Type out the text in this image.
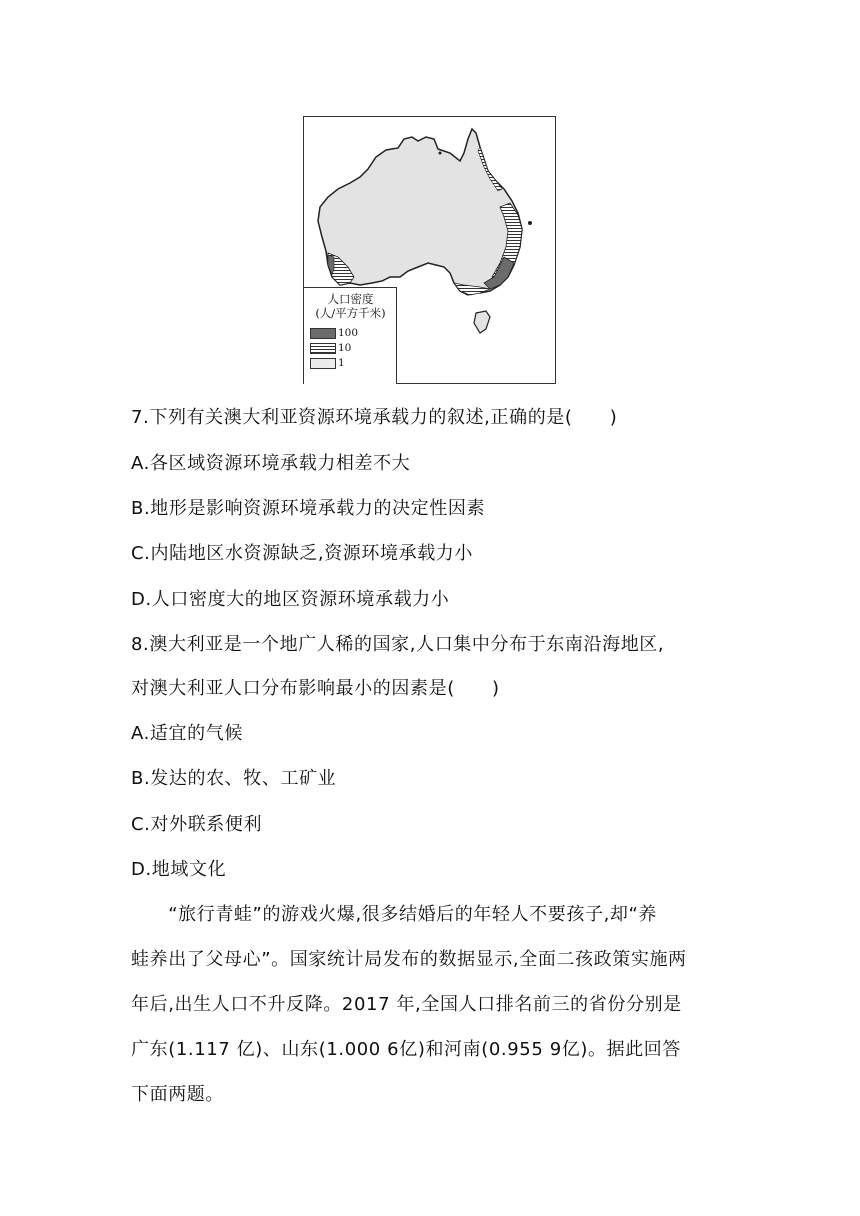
人口密度
(人/平方千米)
100
10
1
7.下列有关澳大利亚资源环境承载力的叙述,正确的是(　　)
A.各区域资源环境承载力相差不大
B.地形是影响资源环境承载力的决定性因素
C.内陆地区水资源缺乏,资源环境承载力小
D.人口密度大的地区资源环境承载力小
8.澳大利亚是一个地广人稀的国家,人口集中分布于东南沿海地区,
对澳大利亚人口分布影响最小的因素是(　　)
A.适宜的气候
B.发达的农、牧、工矿业
C.对外联系便利
D.地域文化
　　“旅行青蛙”的游戏火爆,很多结婚后的年轻人不要孩子,却“养
蛙养出了父母心”。国家统计局发布的数据显示,全面二孩政策实施两
年后,出生人口不升反降。2017 年,全国人口排名前三的省份分别是
广东(1.117 亿)、山东(1.000 6亿)和河南(0.955 9亿)。据此回答
下面两题。
